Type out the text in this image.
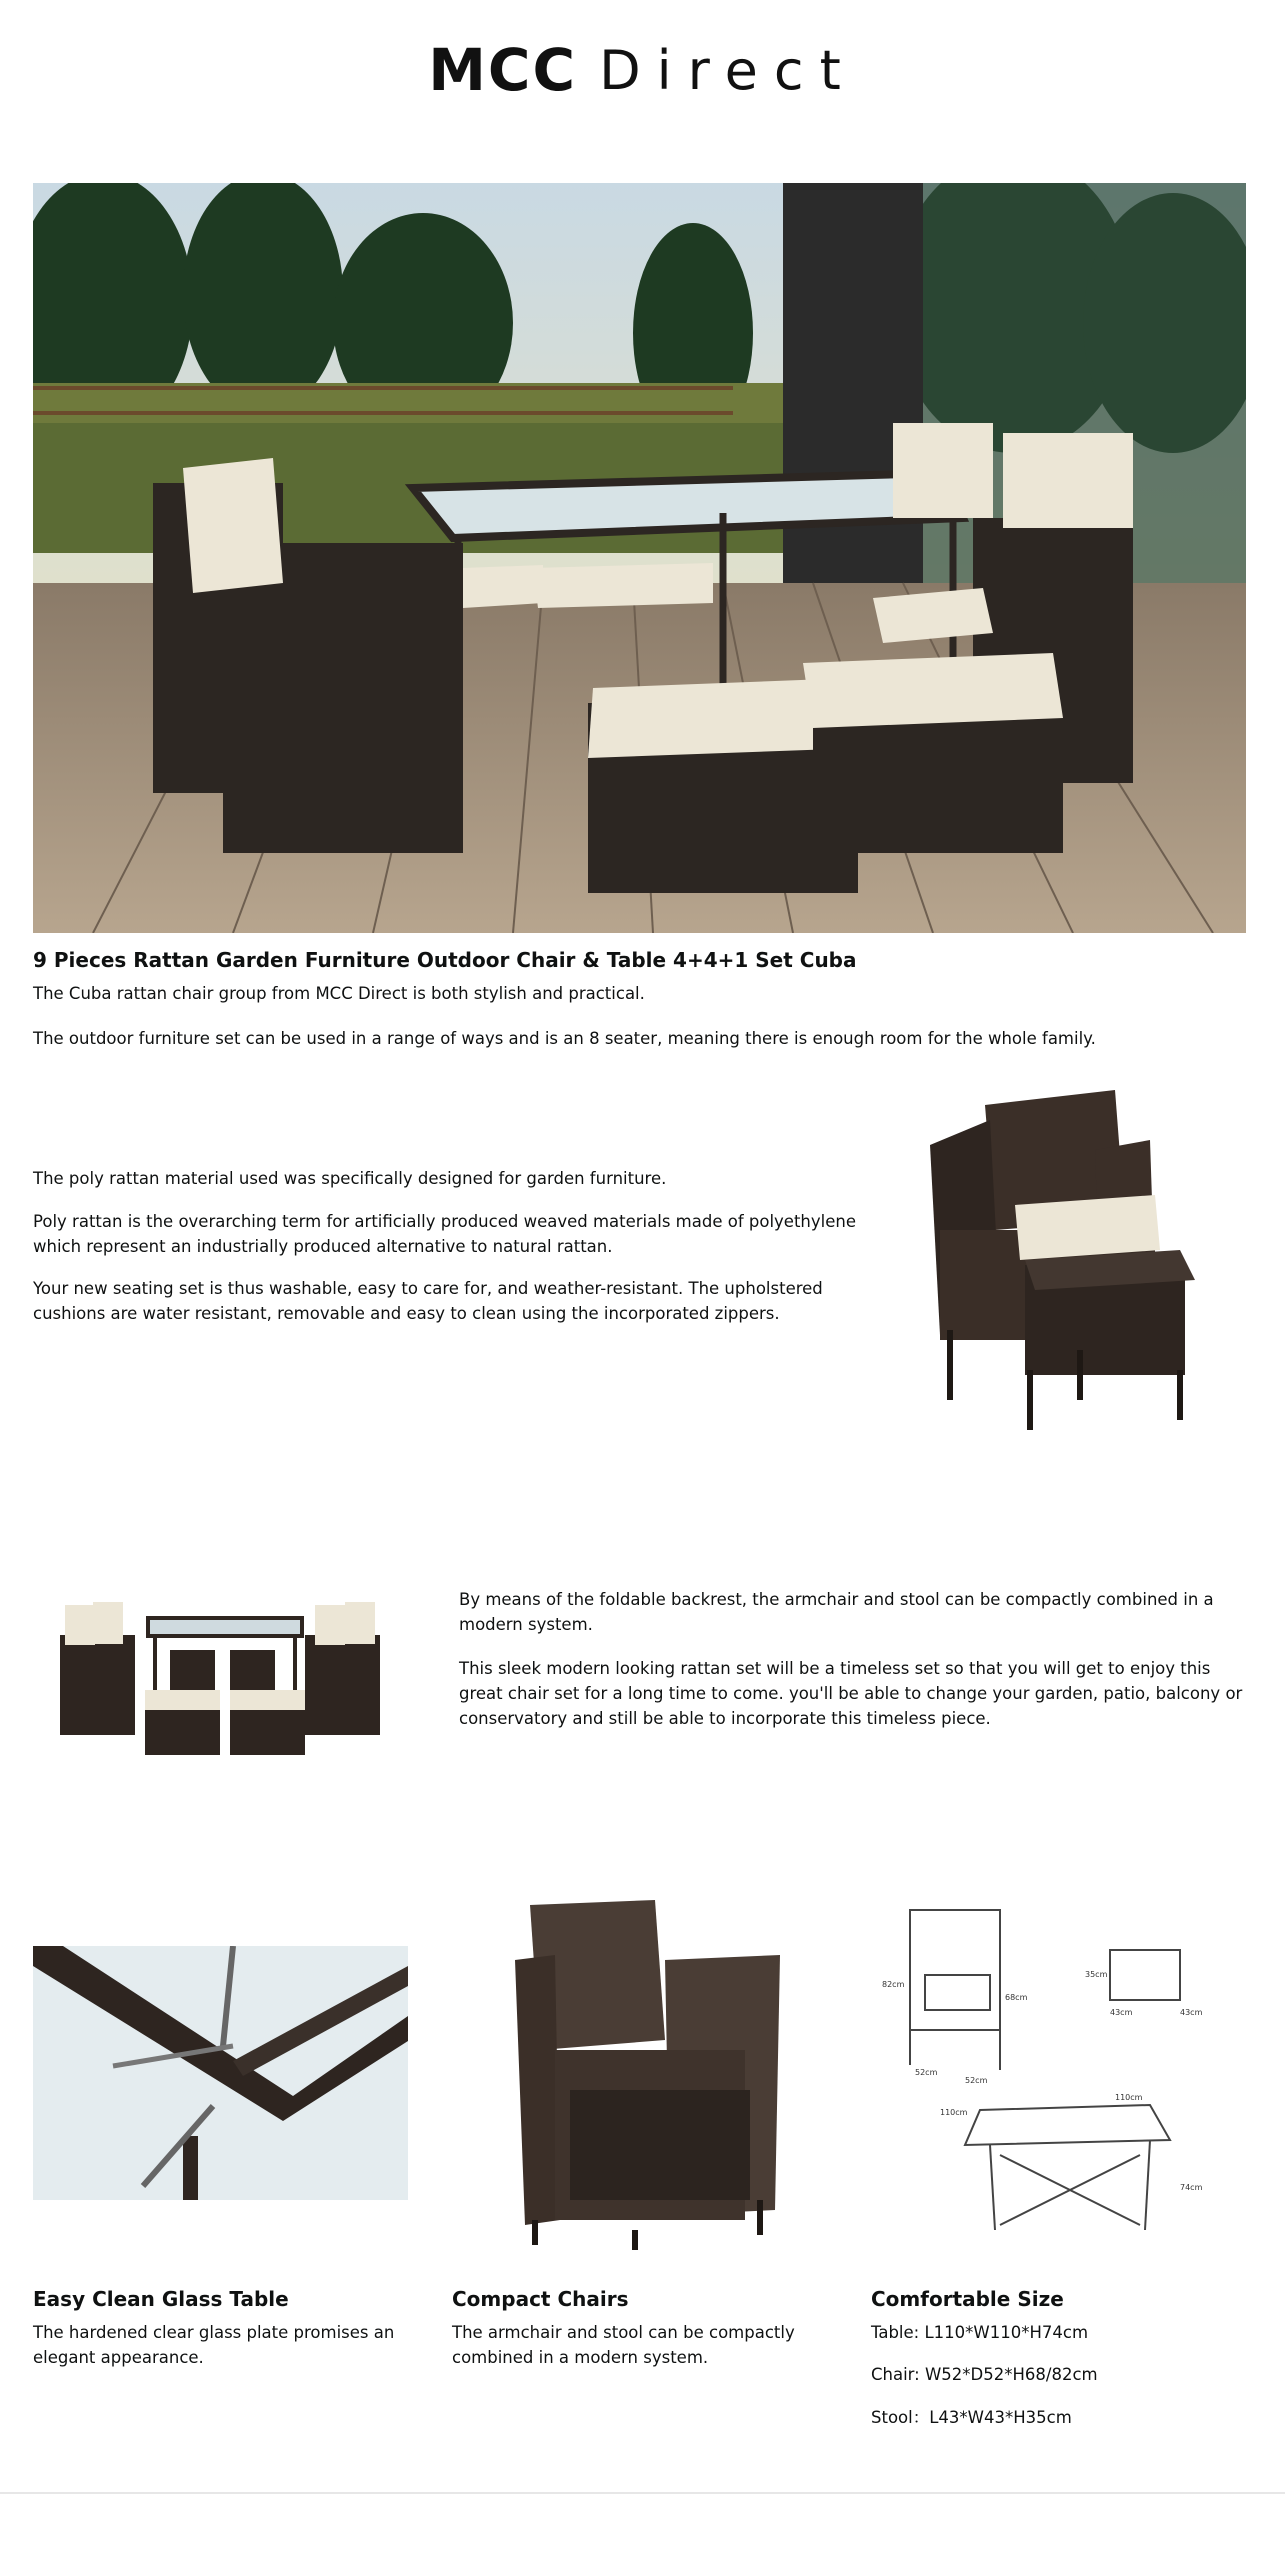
MCC Direct
9 Pieces Rattan Garden Furniture Outdoor Chair & Table 4+4+1 Set Cuba

The Cuba rattan chair group from MCC Direct is both stylish and practical.

The outdoor furniture set can be used in a range of ways and is an 8 seater, meaning there is enough room for the whole family.

The poly rattan material used was specifically designed for garden furniture.

Poly rattan is the overarching term for artificially produced weaved materials made of polyethylene which represent an industrially produced alternative to natural rattan.

Your new seating set is thus washable, easy to care for, and weather-resistant. The upholstered cushions are water resistant, removable and easy to clean using the incorporated zippers.

By means of the foldable backrest, the armchair and stool can be compactly combined in a modern system.

This sleek modern looking rattan set will be a timeless set so that you will get to enjoy this great chair set for a long time to come. you'll be able to change your garden, patio, balcony or conservatory and still be able to incorporate this timeless piece.

82cm
68cm
52cm
52cm
35cm
43cm	43cm
110cm
110cm
74cm
Easy Clean Glass Table

The hardened clear glass plate promises an elegant appearance.

Compact Chairs

The armchair and stool can be compactly combined in a modern system.

Comfortable Size

Table: L110*W110*H74cm

Chair: W52*D52*H68/82cm

Stool：L43*W43*H35cm
